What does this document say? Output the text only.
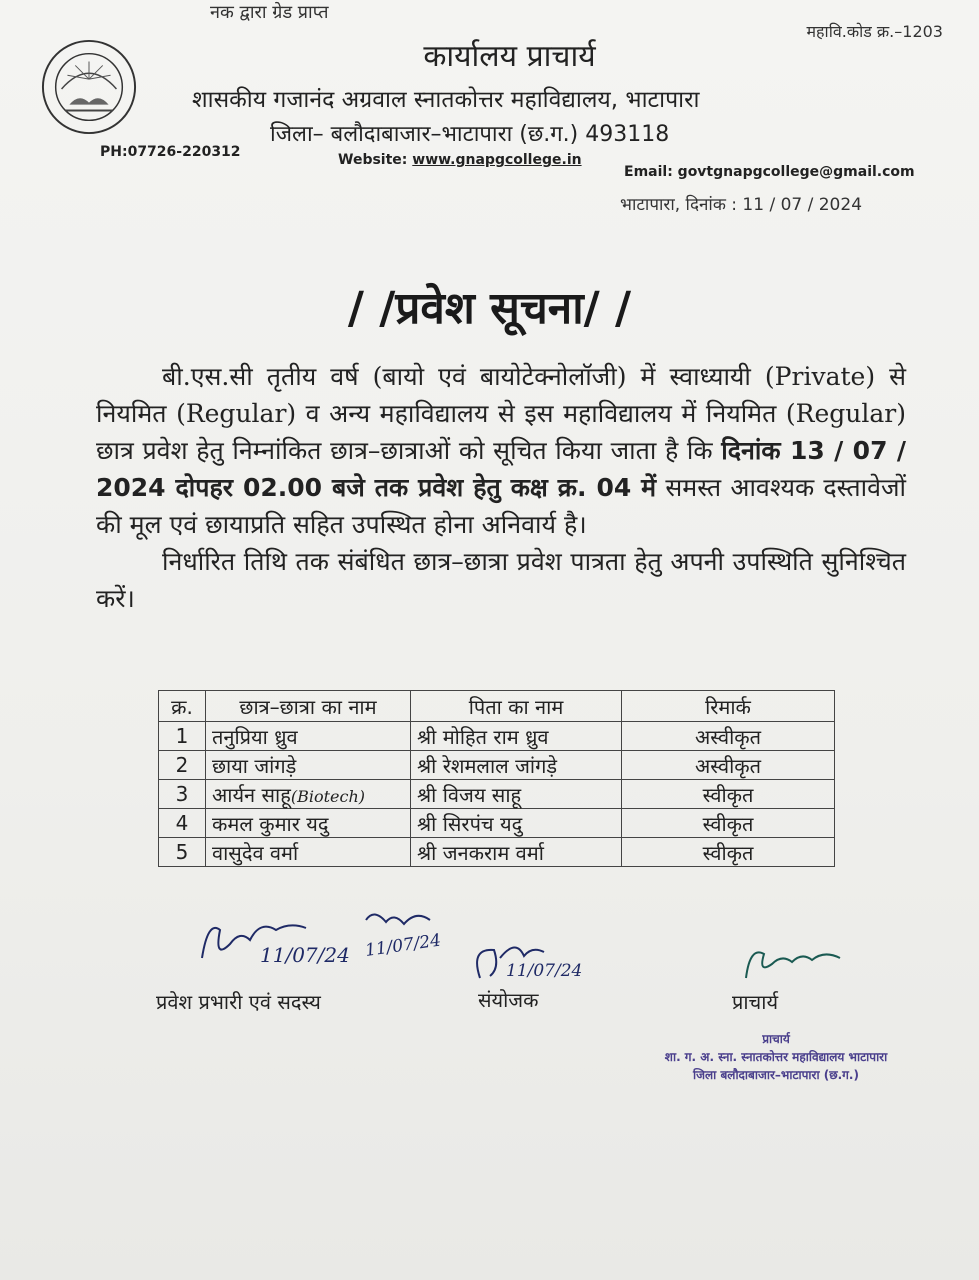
नक द्वारा ग्रेड प्राप्त
महावि.कोड क्र.–1203
कार्यालय प्राचार्य
शासकीय गजानंद अग्रवाल स्नातकोत्तर महाविद्यालय, भाटापारा
जिला– बलौदाबाजार–भाटापारा (छ.ग.) 493118
PH:07726-220312	Website: www.gnapgcollege.in
Email: govtgnapgcollege@gmail.com
भाटापारा, दिनांक : 11 / 07 / 2024
/ /प्रवेश सूचना/ /

बी.एस.सी तृतीय वर्ष (बायो एवं बायोटेक्नोलॉजी) में स्वाध्यायी (Private) से नियमित (Regular) व अन्य महाविद्यालय से इस महाविद्यालय में नियमित (Regular) छात्र प्रवेश हेतु निम्नांकित छात्र–छात्राओं को सूचित किया जाता है कि दिनांक 13 / 07 / 2024 दोपहर 02.00 बजे तक प्रवेश हेतु कक्ष क्र. 04 में समस्त आवश्यक दस्तावेजों की मूल एवं छायाप्रति सहित उपस्थित होना अनिवार्य है।

निर्धारित तिथि तक संबंधित छात्र–छात्रा प्रवेश पात्रता हेतु अपनी उपस्थिति सुनिश्चित करें।

क्र.	छात्र–छात्रा का नाम	पिता का नाम	रिमार्क
1	तनुप्रिया ध्रुव	श्री मोहित राम ध्रुव	अस्वीकृत
2	छाया जांगड़े	श्री रेशमलाल जांगड़े	अस्वीकृत
3	आर्यन साहू(Biotech)	श्री विजय साहू	स्वीकृत
4	कमल कुमार यदु	श्री सिरपंच यदु	स्वीकृत
5	वासुदेव वर्मा	श्री जनकराम वर्मा	स्वीकृत
11/07/24 11/07/24
प्रवेश प्रभारी एवं सदस्य
11/07/24
संयोजक	प्राचार्य
प्राचार्य
शा. ग. अ. स्ना. स्नातकोत्तर महाविद्यालय भाटापारा
जिला बलौदाबाजार–भाटापारा (छ.ग.)
